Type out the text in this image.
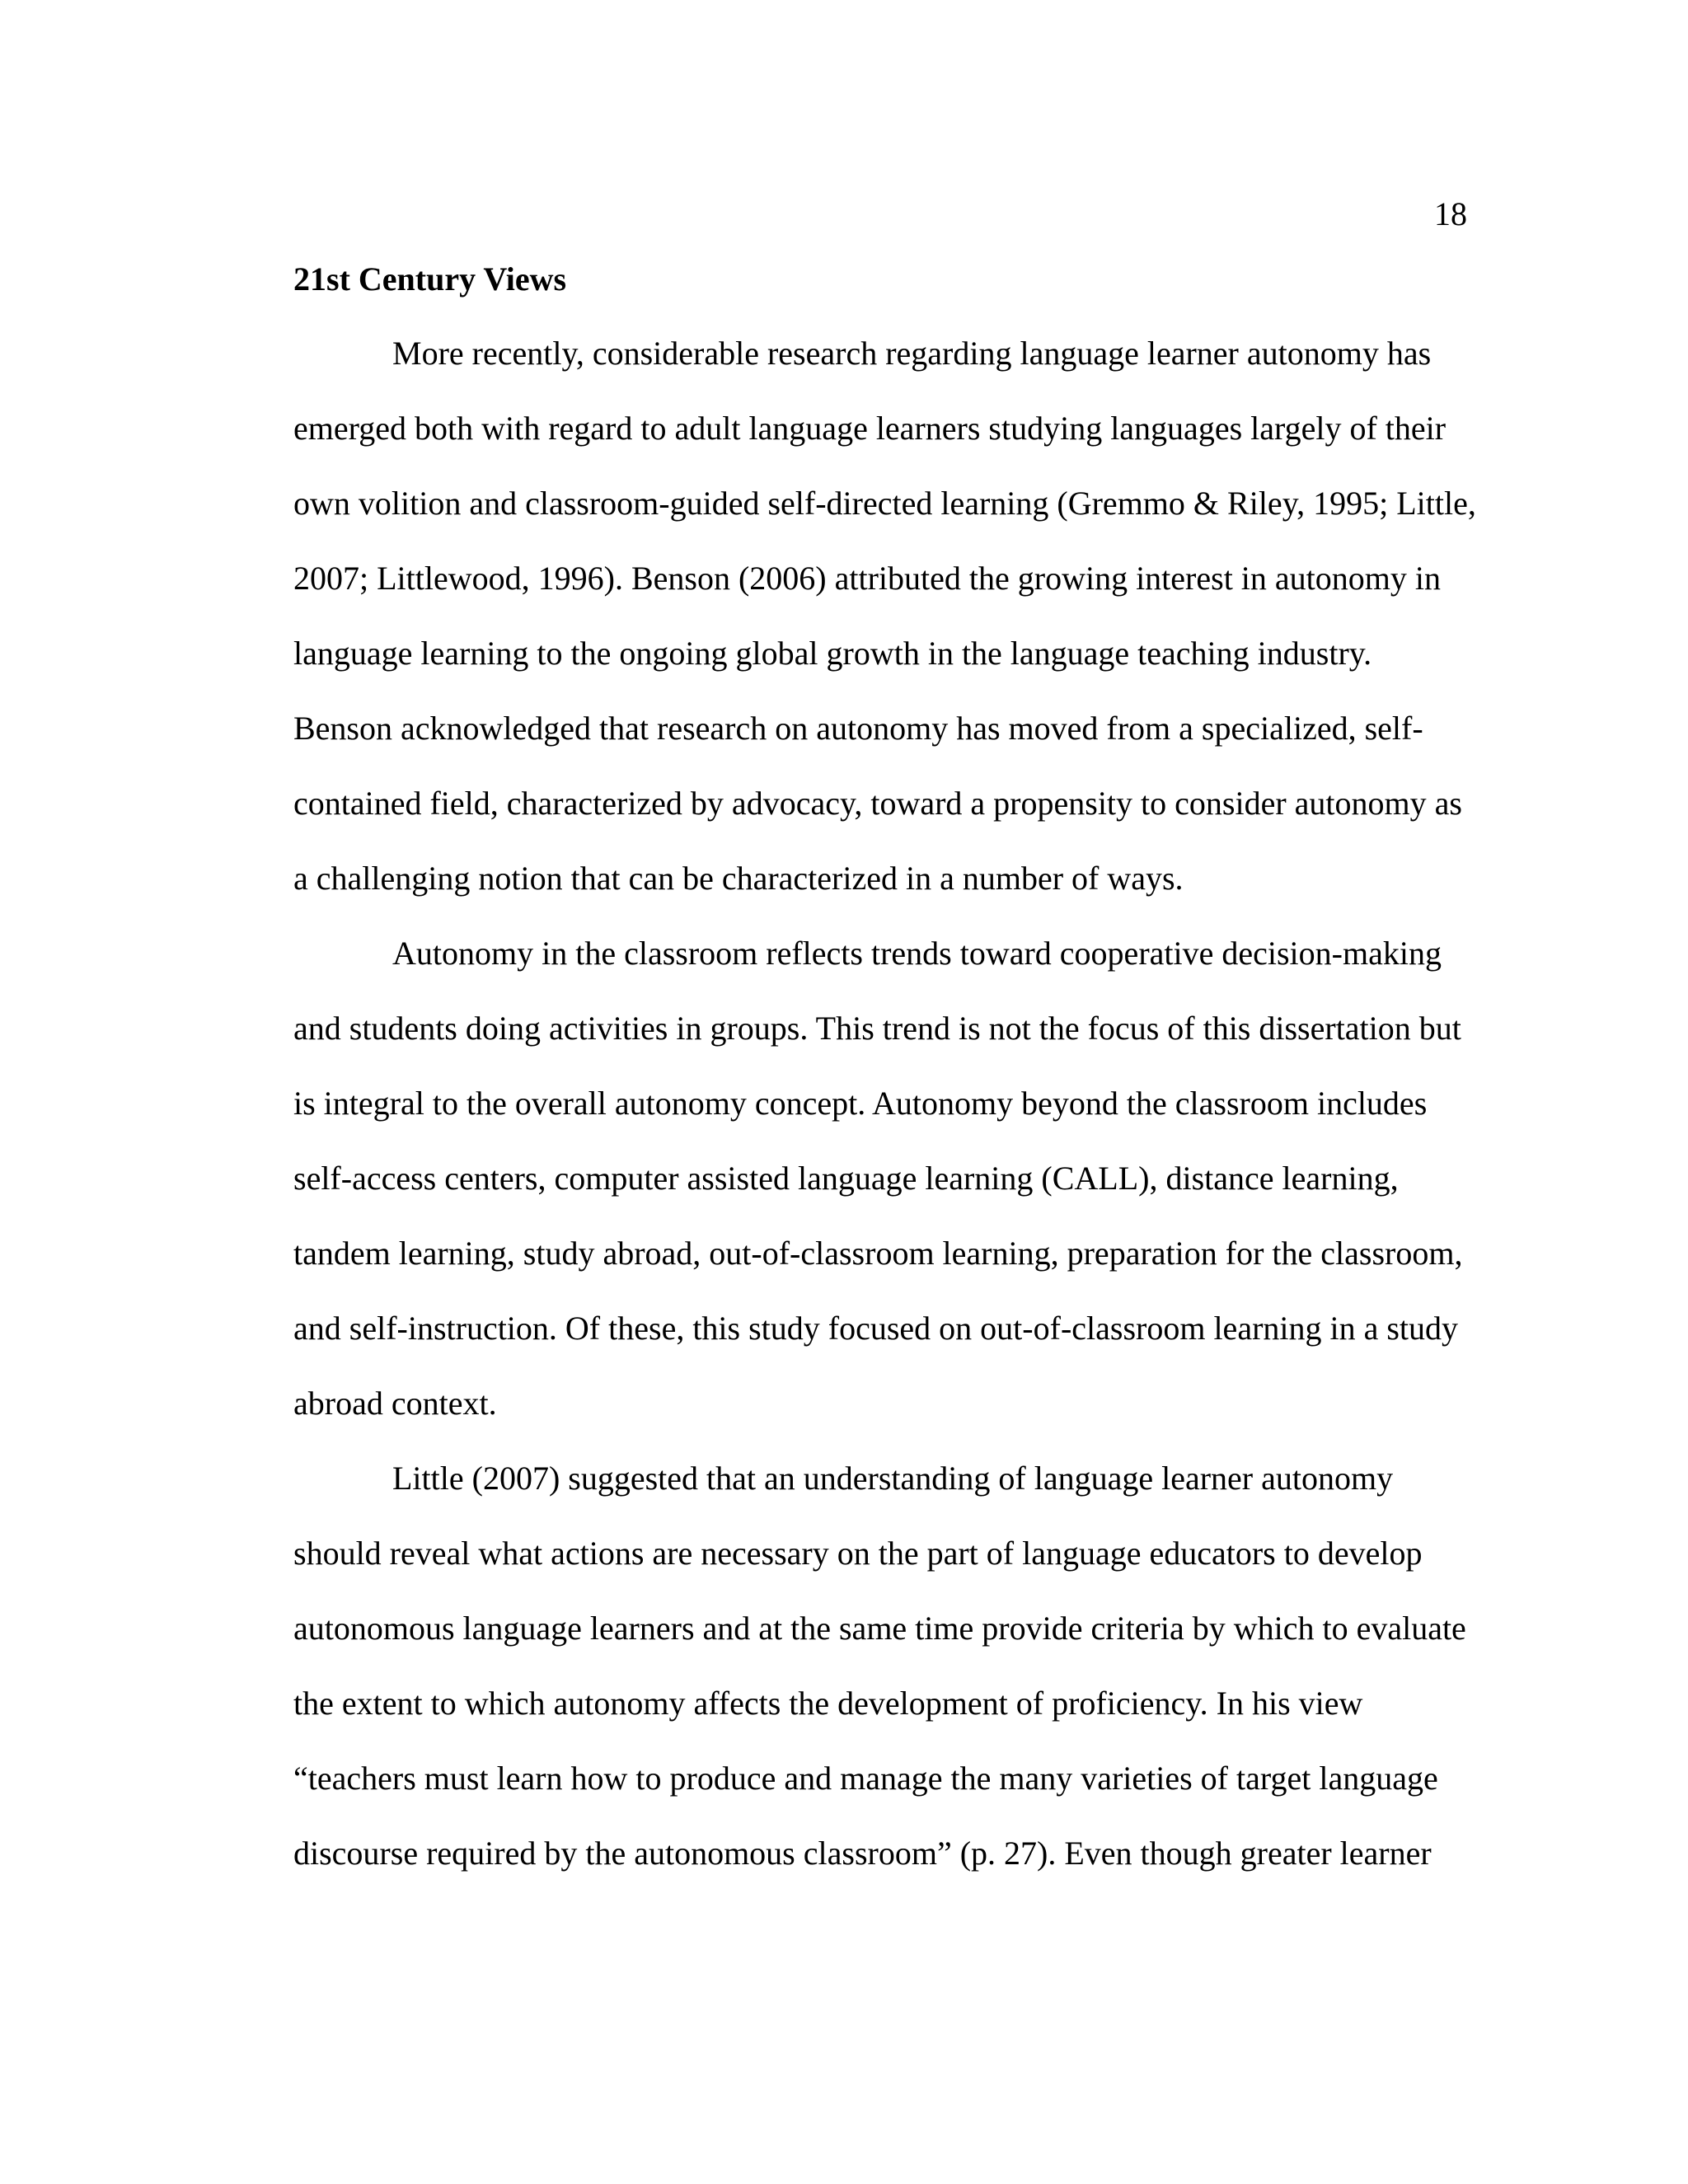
18
21st Century Views
More recently, considerable research regarding language learner autonomy has
emerged both with regard to adult language learners studying languages largely of their
own volition and classroom-guided self-directed learning (Gremmo & Riley, 1995; Little,
2007; Littlewood, 1996). Benson (2006) attributed the growing interest in autonomy in
language learning to the ongoing global growth in the language teaching industry.
Benson acknowledged that research on autonomy has moved from a specialized, self-
contained field, characterized by advocacy, toward a propensity to consider autonomy as
a challenging notion that can be characterized in a number of ways.
Autonomy in the classroom reflects trends toward cooperative decision-making
and students doing activities in groups. This trend is not the focus of this dissertation but
is integral to the overall autonomy concept. Autonomy beyond the classroom includes
self-access centers, computer assisted language learning (CALL), distance learning,
tandem learning, study abroad, out-of-classroom learning, preparation for the classroom,
and self-instruction. Of these, this study focused on out-of-classroom learning in a study
abroad context.
Little (2007) suggested that an understanding of language learner autonomy
should reveal what actions are necessary on the part of language educators to develop
autonomous language learners and at the same time provide criteria by which to evaluate
the extent to which autonomy affects the development of proficiency. In his view
“teachers must learn how to produce and manage the many varieties of target language
discourse required by the autonomous classroom” (p. 27). Even though greater learner
